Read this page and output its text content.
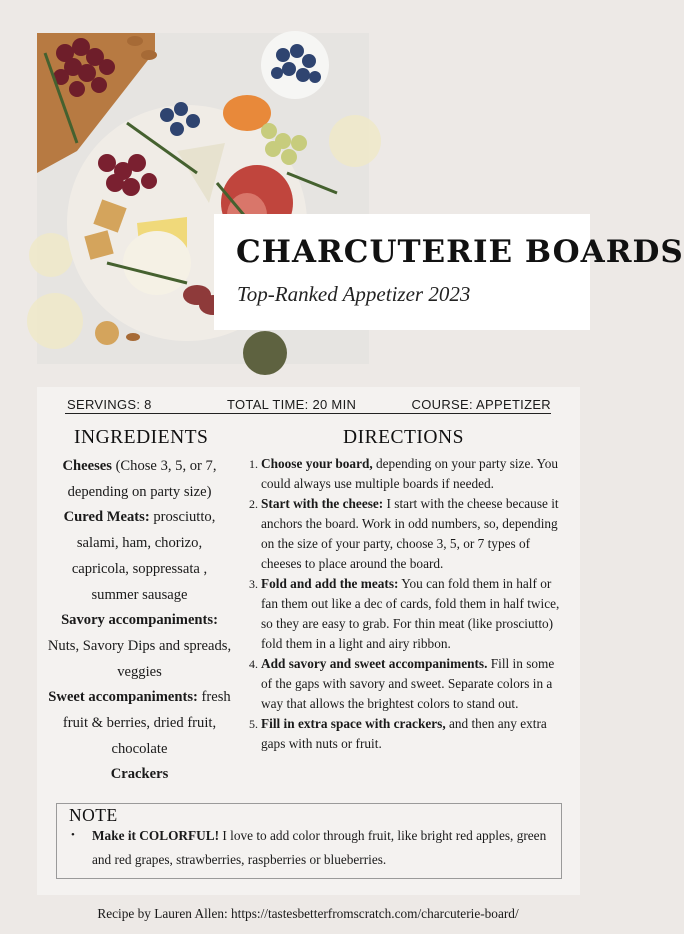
CHARCUTERIE BOARDS
Top-Ranked Appetizer 2023
SERVINGS: 8	TOTAL TIME: 20 MIN	COURSE: APPETIZER
INGREDIENTS	DIRECTIONS

Cheeses (Chose 3, 5, or 7, depending on party size)

Cured Meats: prosciutto, salami, ham, chorizo, capricola, soppressata , summer sausage

Savory accompaniments: Nuts, Savory Dips and spreads, veggies

Sweet accompaniments: fresh fruit & berries, dried fruit, chocolate

Crackers

1. Choose your board, depending on your party size. You could always use multiple boards if needed.
2. Start with the cheese: I start with the cheese because it anchors the board. Work in odd numbers, so, depending on the size of your party, choose 3, 5, or 7 types of cheeses to place around the board.
3. Fold and add the meats: You can fold them in half or fan them out like a dec of cards, fold them in half twice, so they are easy to grab. For thin meat (like prosciutto) fold them in a light and airy ribbon.
4. Add savory and sweet accompaniments. Fill in some of the gaps with savory and sweet. Separate colors in a way that allows the brightest colors to stand out.
5. Fill in extra space with crackers, and then any extra gaps with nuts or fruit.
NOTE
•	Make it COLORFUL! I love to add color through fruit, like bright red apples, green and red grapes, strawberries, raspberries or blueberries.
Recipe by Lauren Allen: https://tastesbetterfromscratch.com/charcuterie-board/
